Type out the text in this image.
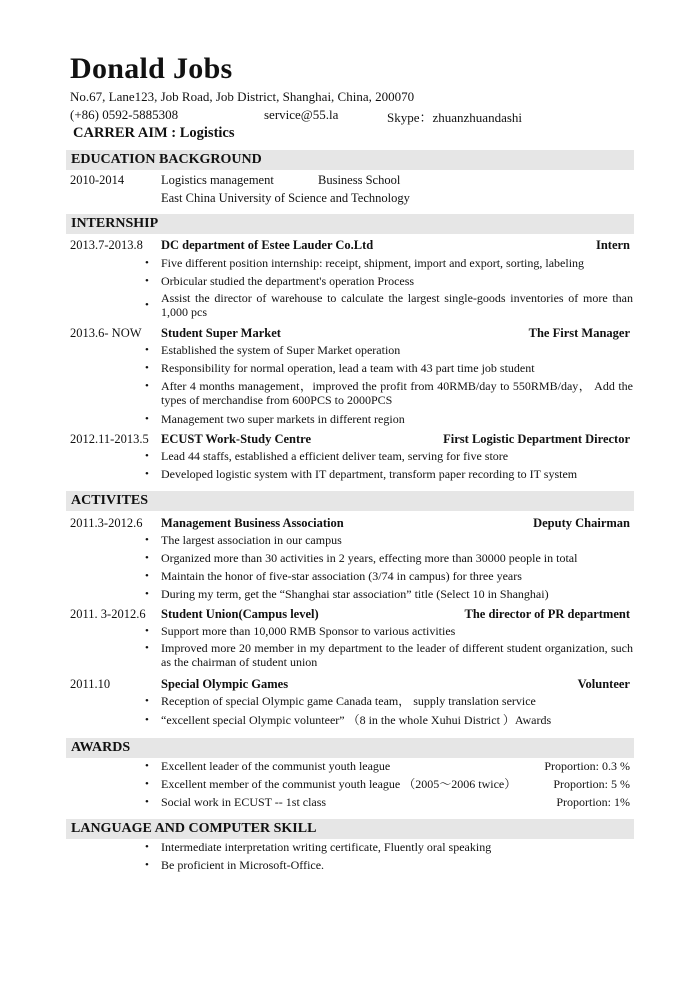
Donald Jobs
No.67, Lane123, Job Road, Job District, Shanghai, China, 200070
(+86) 0592-5885308	service@55.la	Skype：zhuanzhuandashi
CARRER AIM : Logistics
EDUCATION BACKGROUND
2010-2014	Logistics management	Business School
East China University of Science and Technology
INTERNSHIP
2013.7-2013.8 DC department of Estee Lauder Co.Ltd	Intern
• Five different position internship: receipt, shipment, import and export, sorting, labeling
• Orbicular studied the department's operation Process
• Assist the director of warehouse to calculate the largest single-goods inventories of more than 1,000 pcs
2013.6- NOW Student Super Market	The First Manager
• Established the system of Super Market operation
• Responsibility for normal operation, lead a team with 43 part time job student
• After 4 months management，improved the profit from 40RMB/day to 550RMB/day， Add the types of merchandise from 600PCS to 2000PCS
• Management two super markets in different region
2012.11-2013.5 ECUST Work-Study Centre	First Logistic Department Director
• Lead 44 staffs, established a efficient deliver team, serving for five store
• Developed logistic system with IT department, transform paper recording to IT system
ACTIVITES
2011.3-2012.6 Management Business Association	Deputy Chairman
• The largest association in our campus
• Organized more than 30 activities in 2 years, effecting more than 30000 people in total
• Maintain the honor of five-star association (3/74 in campus) for three years
• During my term, get the “Shanghai star association” title (Select 10 in Shanghai)
2011. 3-2012.6 Student Union(Campus level)	The director of PR department
• Support more than 10,000 RMB Sponsor to various activities
• Improved more 20 member in my department to the leader of different student organization, such as the chairman of student union
2011.10	Special Olympic Games	Volunteer
• Reception of special Olympic game Canada team， supply translation service
• “excellent special Olympic volunteer” （8 in the whole Xuhui District ）Awards
AWARDS
• Excellent leader of the communist youth league	Proportion: 0.3 %
• Excellent member of the communist youth league （2005～2006 twice）	Proportion: 5 %
• Social work in ECUST -- 1st class	Proportion: 1%
LANGUAGE AND COMPUTER SKILL
• Intermediate interpretation writing certificate, Fluently oral speaking
• Be proficient in Microsoft-Office.
